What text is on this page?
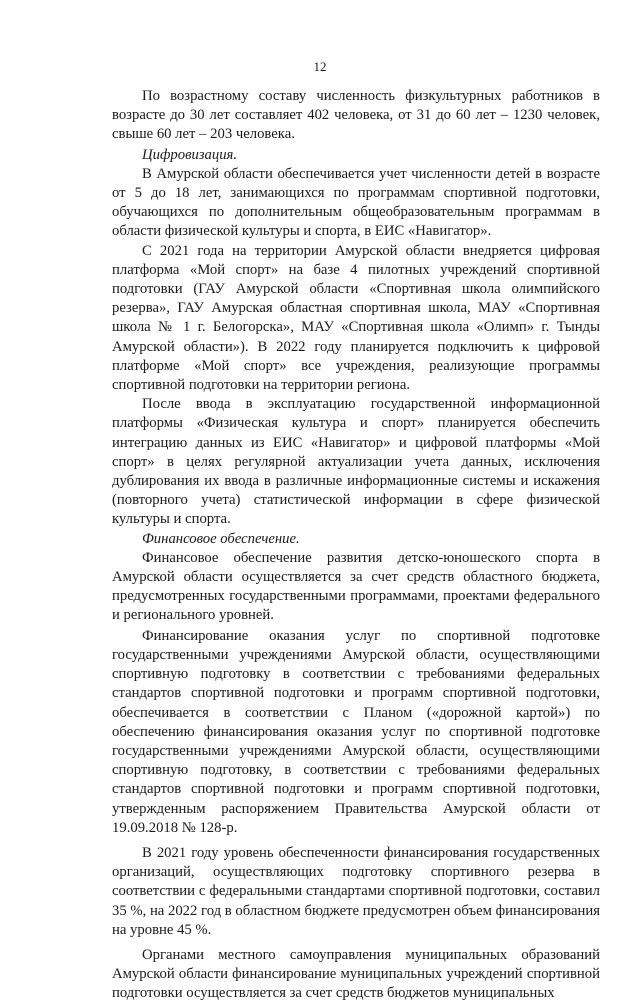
12

По возрастному составу численность физкультурных работников в возрасте до 30 лет составляет 402 человека, от 31 до 60 лет – 1230 человек, свыше 60 лет – 203 человека.

Цифровизация.

В Амурской области обеспечивается учет численности детей в возрасте от 5 до 18 лет, занимающихся по программам спортивной подготовки, обучающихся по дополнительным общеобразовательным программам в области физической культуры и спорта, в ЕИС «Навигатор».

С 2021 года на территории Амурской области внедряется цифровая платформа «Мой спорт» на базе 4 пилотных учреждений спортивной подготовки (ГАУ Амурской области «Спортивная школа олимпийского резерва», ГАУ Амурская областная спортивная школа, МАУ «Спортивная школа № 1 г. Белогорска», МАУ «Спортивная школа «Олимп» г. Тынды Амурской области»). В 2022 году планируется подключить к цифровой платформе «Мой спорт» все учреждения, реализующие программы спортивной подготовки на территории региона.

После ввода в эксплуатацию государственной информационной платформы «Физическая культура и спорт» планируется обеспечить интеграцию данных из ЕИС «Навигатор» и цифровой платформы «Мой спорт» в целях регулярной актуализации учета данных, исключения дублирования их ввода в различные информационные системы и искажения (повторного учета) статистической информации в сфере физической культуры и спорта.

Финансовое обеспечение.

Финансовое обеспечение развития детско-юношеского спорта в Амурской области осуществляется за счет средств областного бюджета, предусмотренных государственными программами, проектами федерального и регионального уровней.

Финансирование оказания услуг по спортивной подготовке государственными учреждениями Амурской области, осуществляющими спортивную подготовку в соответствии с требованиями федеральных стандартов спортивной подготовки и программ спортивной подготовки, обеспечивается в соответствии с Планом («дорожной картой») по обеспечению финансирования оказания услуг по спортивной подготовке государственными учреждениями Амурской области, осуществляющими спортивную подготовку, в соответствии с требованиями федеральных стандартов спортивной подготовки и программ спортивной подготовки, утвержденным распоряжением Правительства Амурской области от 19.09.2018 № 128-р.

В 2021 году уровень обеспеченности финансирования государственных организаций, осуществляющих подготовку спортивного резерва в соответствии с федеральными стандартами спортивной подготовки, составил 35 %, на 2022 год в областном бюджете предусмотрен объем финансирования на уровне 45 %.

Органами местного самоуправления муниципальных образований Амурской области финансирование муниципальных учреждений спортивной подготовки осуществляется за счет средств бюджетов муниципальных
